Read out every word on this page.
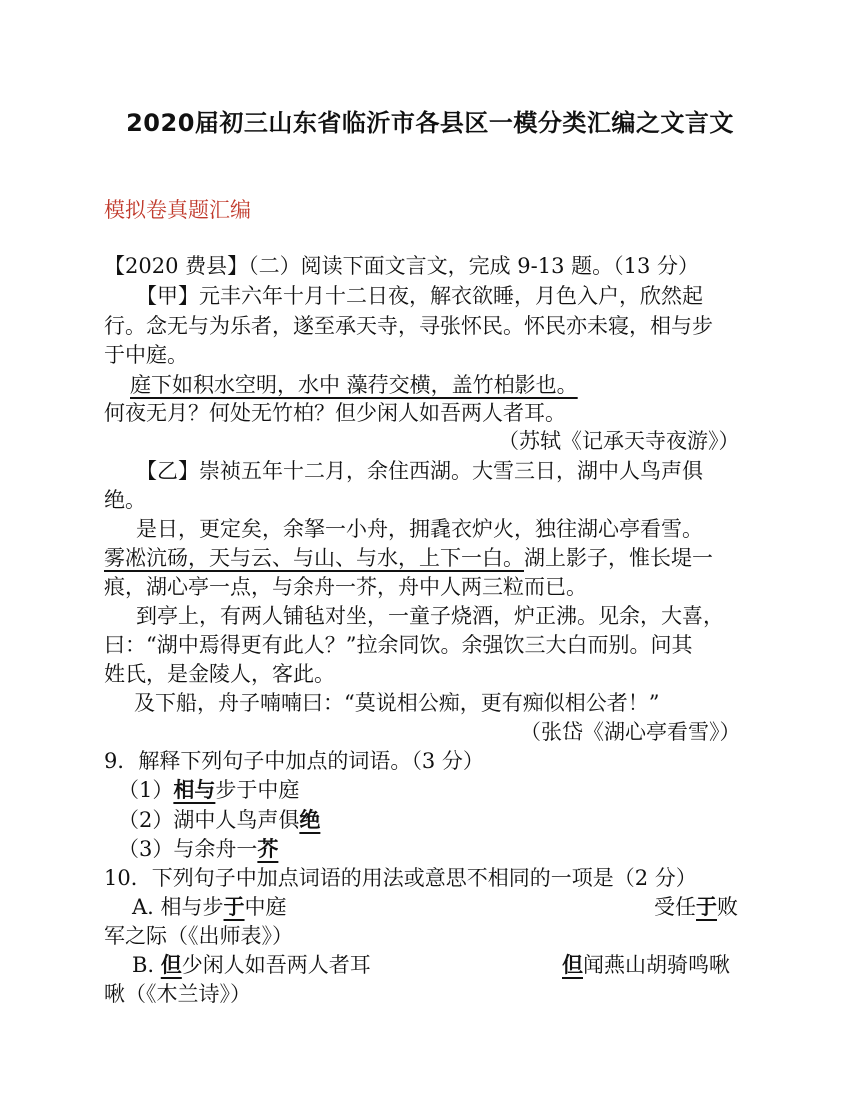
2020届初三山东省临沂市各县区一模分类汇编之文言文
模拟卷真题汇编
【2020 费县】（二）阅读下面文言文，完成 9-13 题。（13 分）
【甲】元丰六年十月十二日夜，解衣欲睡，月色入户，欣然起
行。念无与为乐者，遂至承天寺，寻张怀民。怀民亦未寝，相与步
于中庭。
庭下如积水空明，水中 藻荇交横，盖竹柏影也。
何夜无月？何处无竹柏？但少闲人如吾两人者耳。
（苏轼《记承天寺夜游》）
【乙】崇祯五年十二月，余住西湖。大雪三日，湖中人鸟声俱
绝。
是日，更定矣，余拏一小舟，拥毳衣炉火，独往湖心亭看雪。
雾凇沆砀，天与云、与山、与水，上下一白。湖上影子，惟长堤一
痕，湖心亭一点，与余舟一芥，舟中人两三粒而已。
到亭上，有两人铺毡对坐，一童子烧酒，炉正沸。见余，大喜，
曰：“湖中焉得更有此人？”拉余同饮。余强饮三大白而别。问其
姓氏，是金陵人，客此。
及下船，舟子喃喃曰：“莫说相公痴，更有痴似相公者！”
（张岱《湖心亭看雪》）
9．解释下列句子中加点的词语。（3 分）
（1）相与步于中庭
（2）湖中人鸟声俱绝
（3）与余舟一芥
10．下列句子中加点词语的用法或意思不相同的一项是（2 分）
A. 相与步于中庭	受任于败
军之际（《出师表》）
B. 但少闲人如吾两人者耳	但闻燕山胡骑鸣啾
啾（《木兰诗》）
